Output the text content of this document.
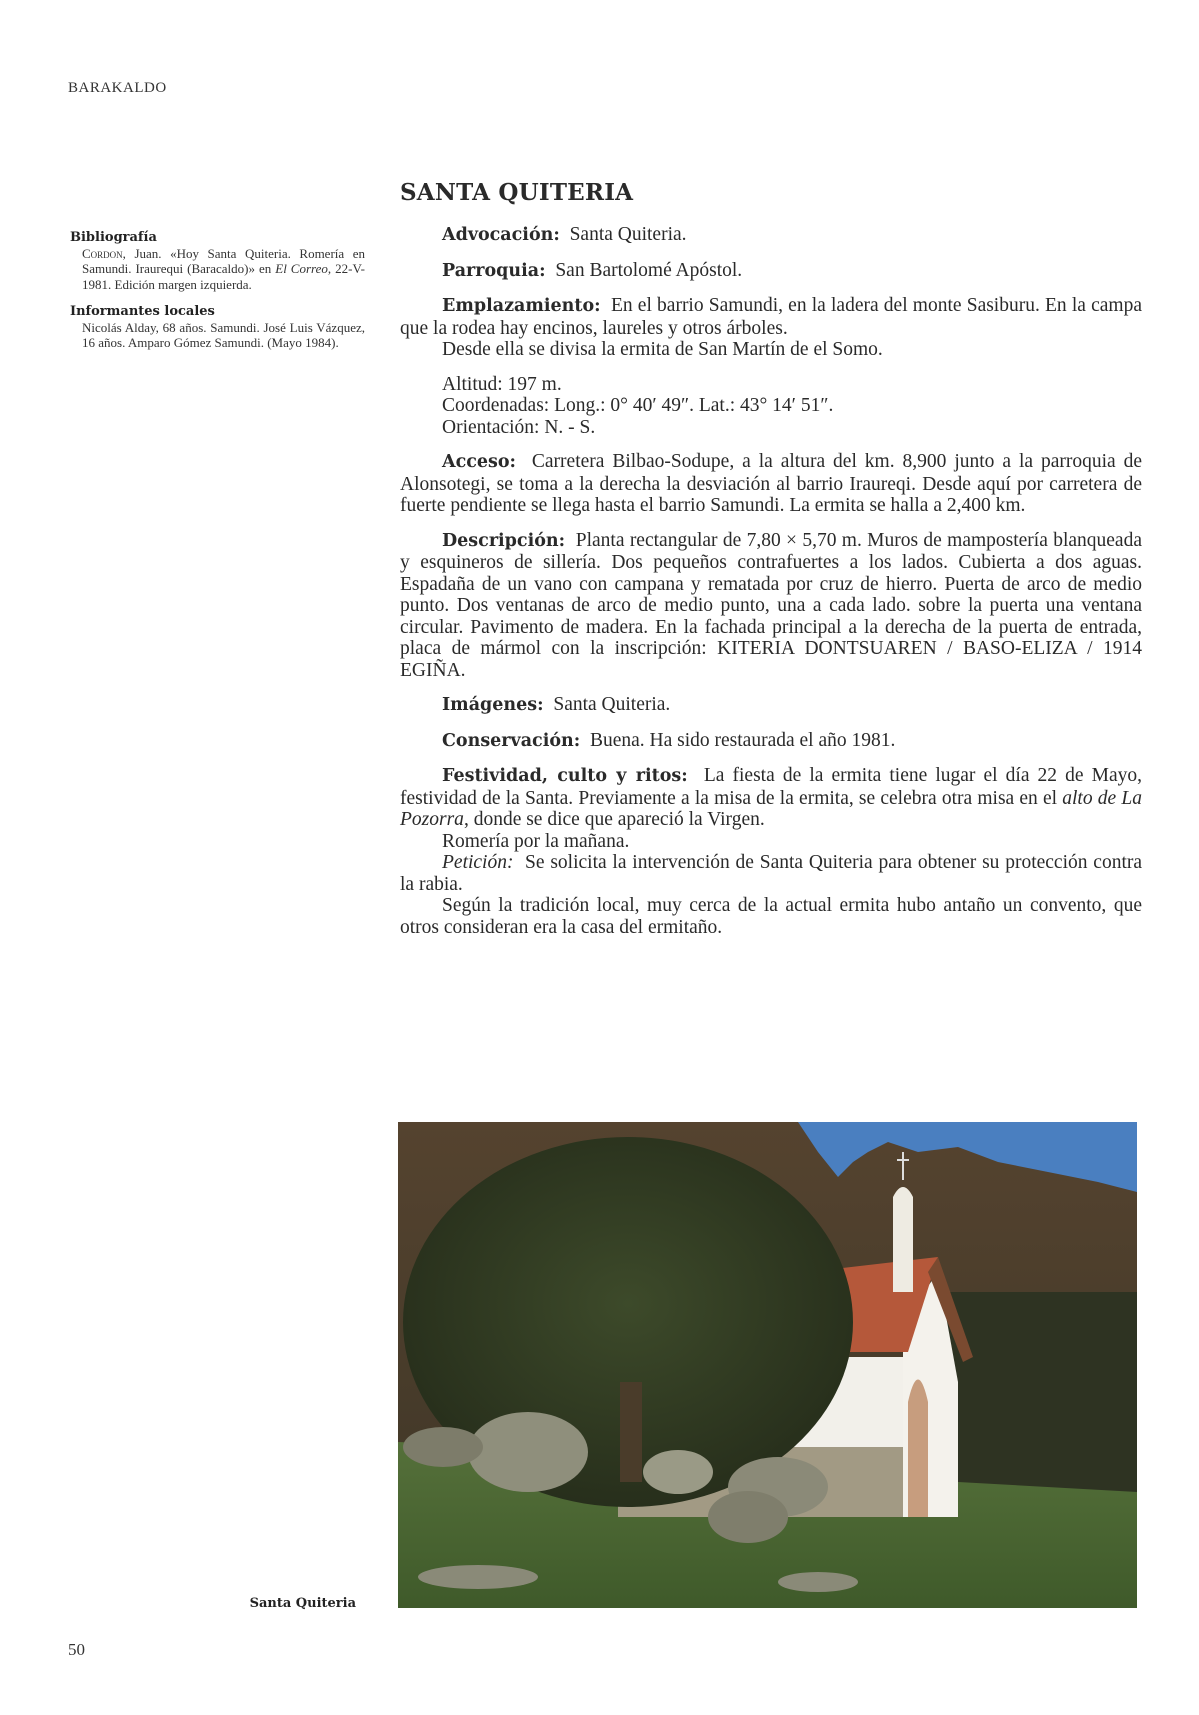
BARAKALDO
Bibliografía

Cordon, Juan. «Hoy Santa Quiteria. Romería en Samundi. Iraurequi (Baracaldo)» en El Correo, 22-V-1981. Edición margen izquierda.

Informantes locales

Nicolás Alday, 68 años. Samundi. José Luis Vázquez, 16 años. Amparo Gómez Samundi. (Mayo 1984).

SANTA QUITERIA

Advocación: Santa Quiteria.

Parroquia: San Bartolomé Apóstol.

Emplazamiento: En el barrio Samundi, en la ladera del monte Sasiburu. En la campa que la rodea hay encinos, laureles y otros árboles.

Desde ella se divisa la ermita de San Martín de el Somo.

Altitud: 197 m.
Coordenadas: Long.: 0° 40′ 49″. Lat.: 43° 14′ 51″.
Orientación: N. - S.

Acceso: Carretera Bilbao-Sodupe, a la altura del km. 8,900 junto a la parroquia de Alonsotegi, se toma a la derecha la desviación al barrio Iraureqi. Desde aquí por carretera de fuerte pendiente se llega hasta el barrio Samundi. La ermita se halla a 2,400 km.

Descripción: Planta rectangular de 7,80 × 5,70 m. Muros de mampostería blanqueada y esquineros de sillería. Dos pequeños contrafuertes a los lados. Cubierta a dos aguas. Espadaña de un vano con campana y rematada por cruz de hierro. Puerta de arco de medio punto. Dos ventanas de arco de medio punto, una a cada lado. sobre la puerta una ventana circular. Pavimento de madera. En la fachada principal a la derecha de la puerta de entrada, placa de mármol con la inscripción: KITERIA DONTSUAREN / BASO-ELIZA / 1914 EGIÑA.

Imágenes: Santa Quiteria.

Conservación: Buena. Ha sido restaurada el año 1981.

Festividad, culto y ritos: La fiesta de la ermita tiene lugar el día 22 de Mayo, festividad de la Santa. Previamente a la misa de la ermita, se celebra otra misa en el alto de La Pozorra, donde se dice que apareció la Virgen.

Romería por la mañana.

Petición: Se solicita la intervención de Santa Quiteria para obtener su protección contra la rabia.

Según la tradición local, muy cerca de la actual ermita hubo antaño un convento, que otros consideran era la casa del ermitaño.

Santa Quiteria
50
